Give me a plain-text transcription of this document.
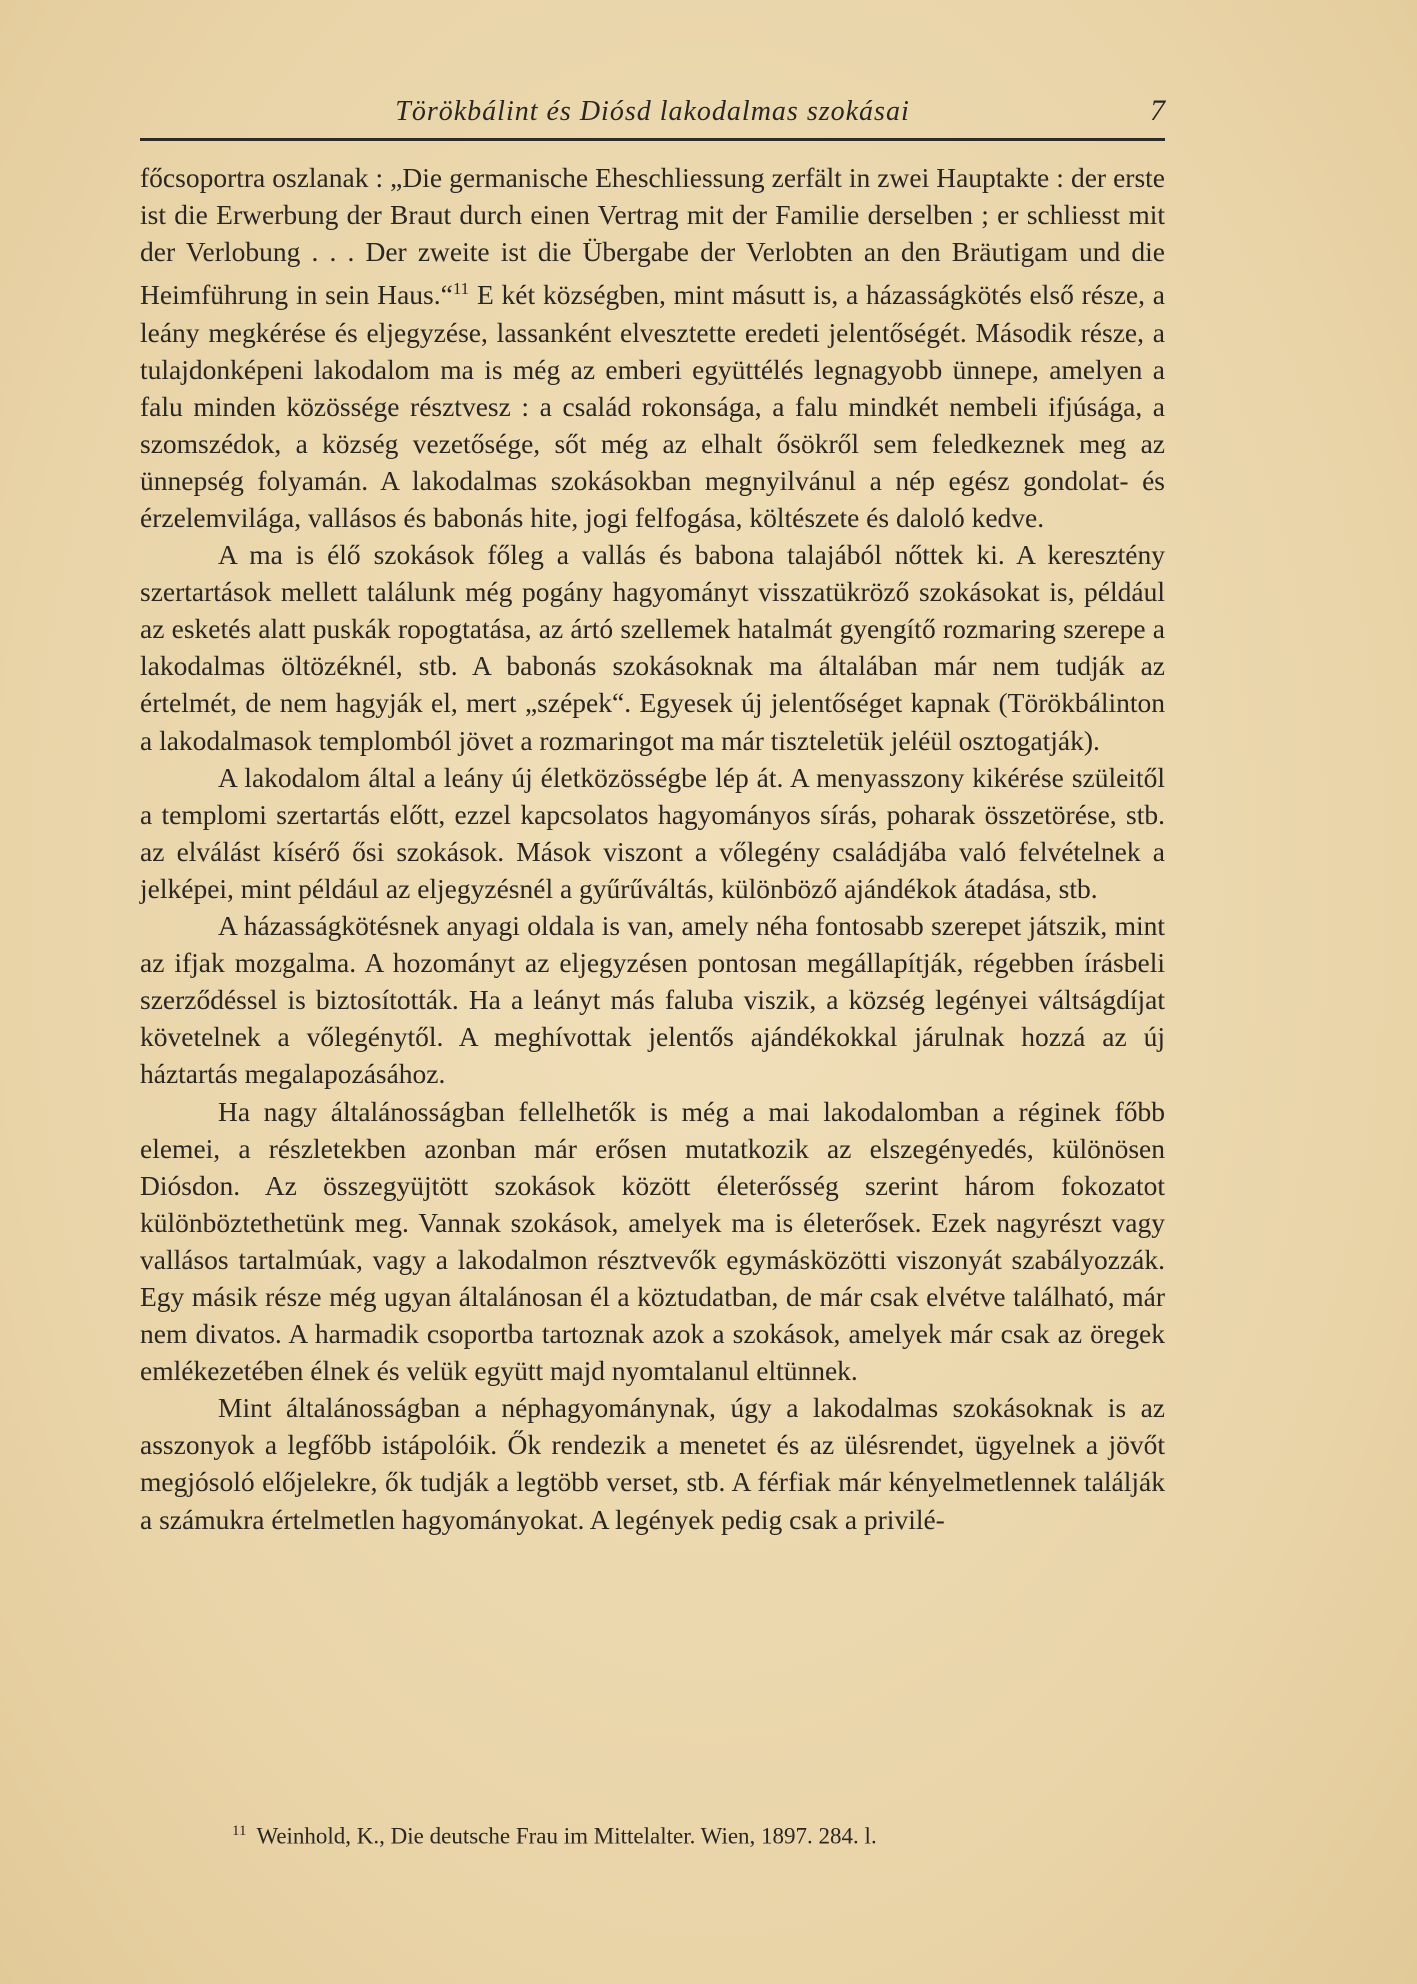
Törökbálint és Diósd lakodalmas szokásai	7

főcsoportra oszlanak : „Die germanische Eheschliessung zerfält in zwei Hauptakte : der erste ist die Erwerbung der Braut durch einen Vertrag mit der Familie derselben ; er schliesst mit der Verlobung . . . Der zweite ist die Übergabe der Verlobten an den Bräutigam und die Heimführung in sein Haus.“$^{11}$ E két községben, mint másutt is, a házasságkötés első része, a leány megkérése és eljegyzése, lassanként elvesztette eredeti jelentőségét. Második része, a tulajdonképeni lakodalom ma is még az emberi együttélés legnagyobb ünnepe, amelyen a falu minden közössége résztvesz : a család rokonsága, a falu mindkét nembeli ifjúsága, a szomszédok, a község vezetősége, sőt még az elhalt ősökről sem feledkeznek meg az ünnepség folyamán. A lakodalmas szokásokban megnyilvánul a nép egész gondolat- és érzelemvilága, vallásos és babonás hite, jogi felfogása, költészete és daloló kedve.

A ma is élő szokások főleg a vallás és babona talajából nőttek ki. A keresztény szertartások mellett találunk még pogány hagyományt visszatükröző szokásokat is, például az esketés alatt puskák ropogtatása, az ártó szellemek hatalmát gyengítő rozmaring szerepe a lakodalmas öltözéknél, stb. A babonás szokásoknak ma általában már nem tudják az értelmét, de nem hagyják el, mert „szépek“. Egyesek új jelentőséget kapnak (Törökbálinton a lakodalmasok templomból jövet a rozmaringot ma már tiszteletük jeléül osztogatják).

A lakodalom által a leány új életközösségbe lép át. A menyasszony kikérése szüleitől a templomi szertartás előtt, ezzel kapcsolatos hagyományos sírás, poharak összetörése, stb. az elválást kísérő ősi szokások. Mások viszont a vőlegény családjába való felvételnek a jelképei, mint például az eljegyzésnél a gyűrűváltás, különböző ajándékok átadása, stb.

A házasságkötésnek anyagi oldala is van, amely néha fontosabb szerepet játszik, mint az ifjak mozgalma. A hozományt az eljegyzésen pontosan megállapítják, régebben írásbeli szerződéssel is biztosították. Ha a leányt más faluba viszik, a község legényei váltságdíjat követelnek a vőlegénytől. A meghívottak jelentős ajándékokkal járulnak hozzá az új háztartás megalapozásához.

Ha nagy általánosságban fellelhetők is még a mai lakodalomban a réginek főbb elemei, a részletekben azonban már erősen mutatkozik az elszegényedés, különösen Diósdon. Az összegyüjtött szokások között életerősség szerint három fokozatot különböztethetünk meg. Vannak szokások, amelyek ma is életerősek. Ezek nagyrészt vagy vallásos tartalmúak, vagy a lakodalmon résztvevők egymásközötti viszonyát szabályozzák. Egy másik része még ugyan általánosan él a köztudatban, de már csak elvétve található, már nem divatos. A harmadik csoportba tartoznak azok a szokások, amelyek már csak az öregek emlékezetében élnek és velük együtt majd nyomtalanul eltünnek.

Mint általánosságban a néphagyománynak, úgy a lakodalmas szokásoknak is az asszonyok a legfőbb istápolóik. Ők rendezik a menetet és az ülésrendet, ügyelnek a jövőt megjósoló előjelekre, ők tudják a legtöbb verset, stb. A férfiak már kényelmetlennek találják a számukra értelmetlen hagyományokat. A legények pedig csak a privilé-

$^{11}$ Weinhold, K., Die deutsche Frau im Mittelalter. Wien, 1897. 284. l.
